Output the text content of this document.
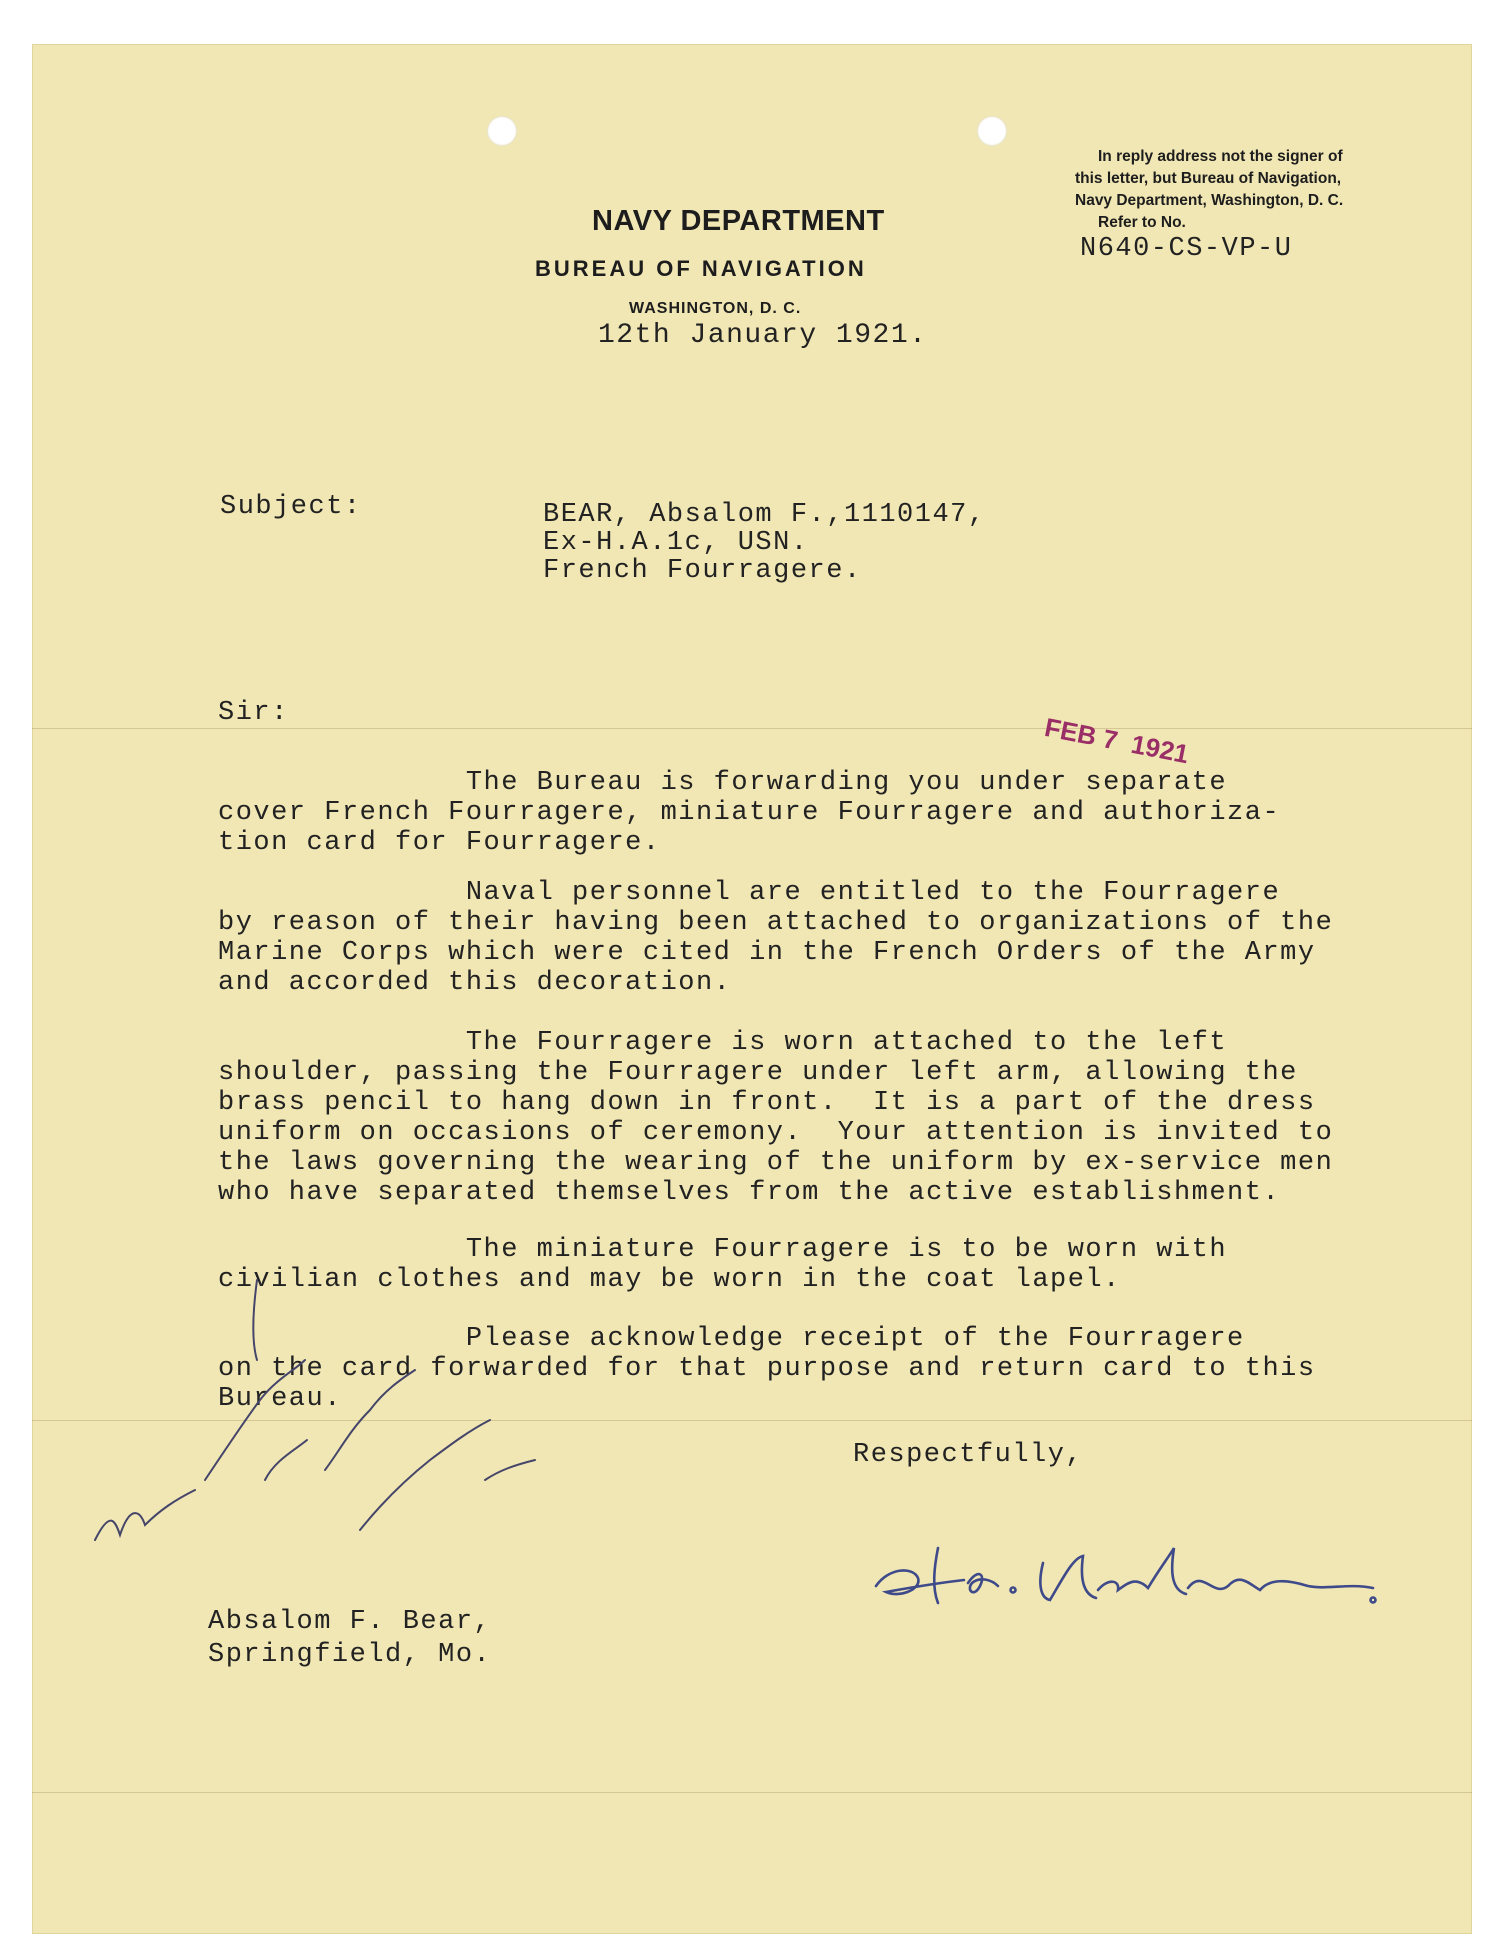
NAVY DEPARTMENT
BUREAU OF NAVIGATION
WASHINGTON, D. C.
12th January 1921.
In reply address not the signer of
this letter, but Bureau of Navigation,
Navy Department, Washington, D. C.
Refer to No.
N640-CS-VP-U
Subject:	BEAR, Absalom F.,1110147,
Ex-H.A.1c, USN.
French Fourragere.
Sir:	FEB 7  1921
The Bureau is forwarding you under separate
cover French Fourragere, miniature Fourragere and authoriza-
tion card for Fourragere.
Naval personnel are entitled to the Fourragere
by reason of their having been attached to organizations of the
Marine Corps which were cited in the French Orders of the Army
and accorded this decoration.
The Fourragere is worn attached to the left
shoulder, passing the Fourragere under left arm, allowing the
brass pencil to hang down in front.  It is a part of the dress
uniform on occasions of ceremony.  Your attention is invited to
the laws governing the wearing of the uniform by ex-service men
who have separated themselves from the active establishment.
The miniature Fourragere is to be worn with
civilian clothes and may be worn in the coat lapel.
Please acknowledge receipt of the Fourragere
on the card forwarded for that purpose and return card to this
Bureau.
Respectfully,
Absalom F. Bear,
Springfield, Mo.
